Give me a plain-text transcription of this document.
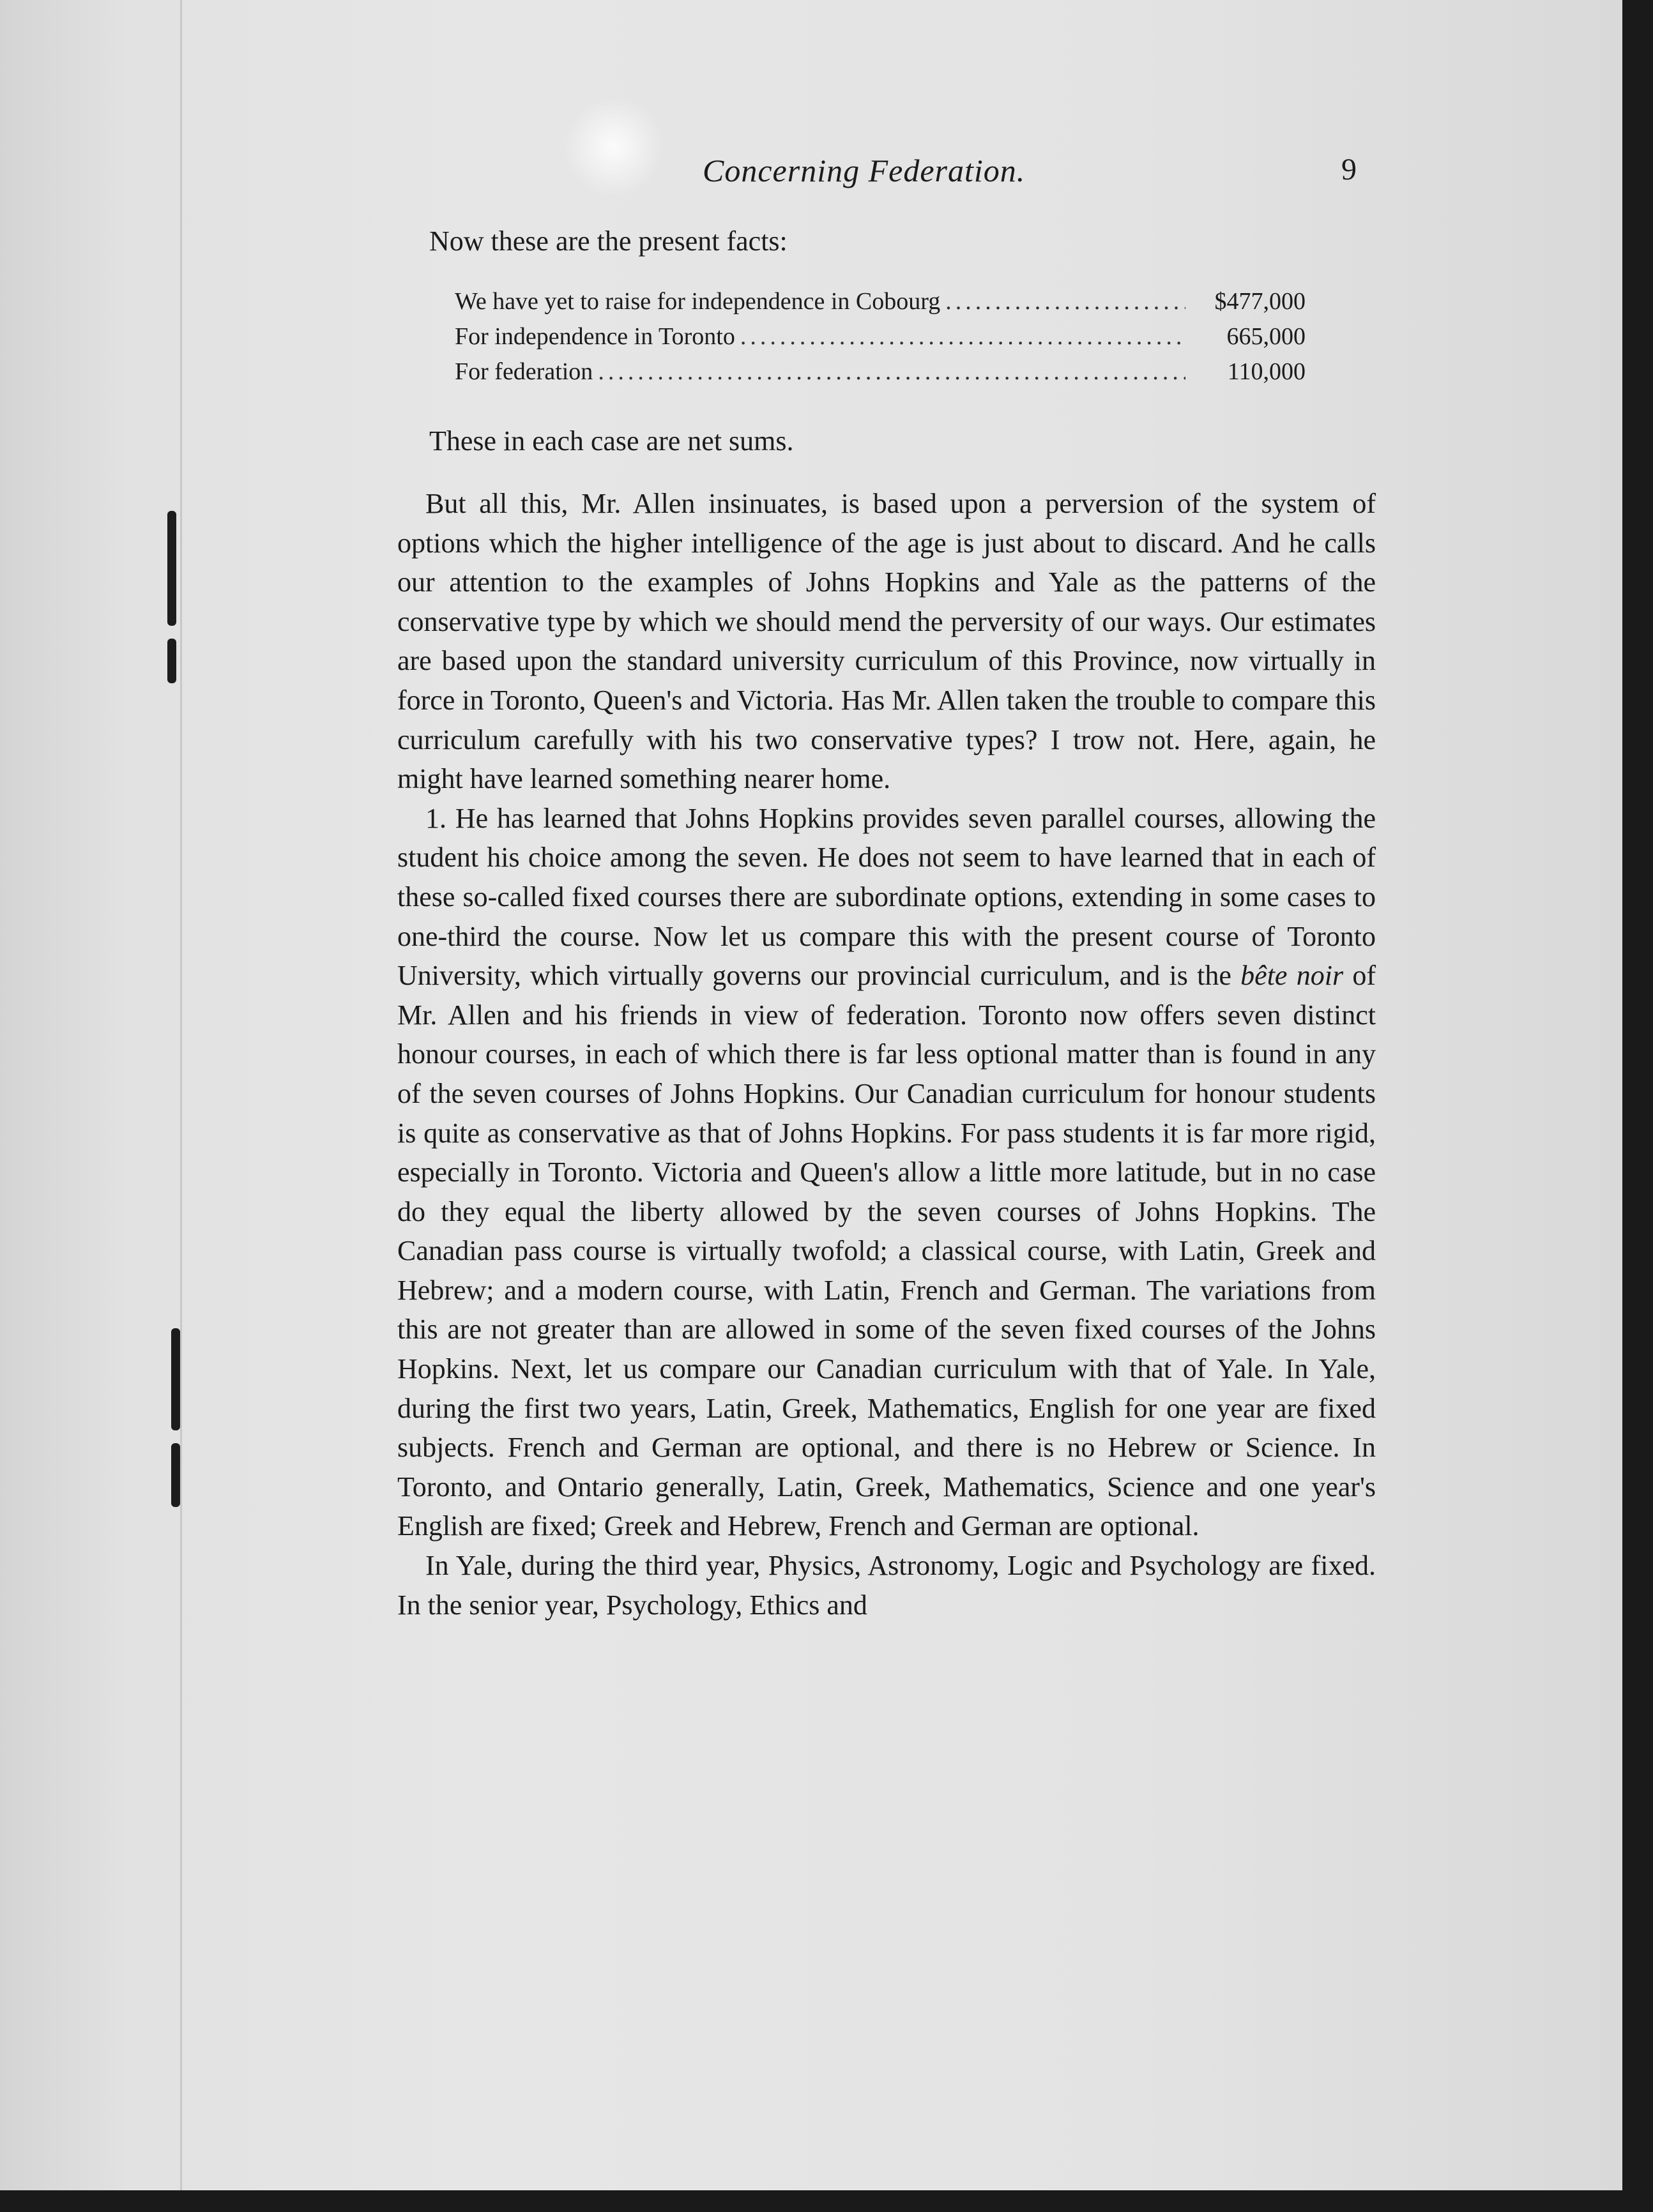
Concerning Federation.	9
Now these are the present facts:
We have yet to raise for independence in Cobourg .....	$477,000
For independence in Toronto .....	665,000
For federation .....	110,000
These in each case are net sums.

But all this, Mr. Allen insinuates, is based upon a perversion of the system of options which the higher intelligence of the age is just about to discard. And he calls our attention to the examples of Johns Hopkins and Yale as the patterns of the conservative type by which we should mend the perversity of our ways. Our estimates are based upon the standard university curriculum of this Province, now virtually in force in Toronto, Queen's and Victoria. Has Mr. Allen taken the trouble to compare this curriculum carefully with his two conservative types? I trow not. Here, again, he might have learned something nearer home.

1. He has learned that Johns Hopkins provides seven parallel courses, allowing the student his choice among the seven. He does not seem to have learned that in each of these so-called fixed courses there are subordinate options, extending in some cases to one-third the course. Now let us compare this with the present course of Toronto University, which virtually governs our provincial curriculum, and is the bête noir of Mr. Allen and his friends in view of federation. Toronto now offers seven distinct honour courses, in each of which there is far less optional matter than is found in any of the seven courses of Johns Hopkins. Our Canadian curriculum for honour students is quite as conservative as that of Johns Hopkins. For pass students it is far more rigid, especially in Toronto. Victoria and Queen's allow a little more latitude, but in no case do they equal the liberty allowed by the seven courses of Johns Hopkins. The Canadian pass course is virtually twofold; a classical course, with Latin, Greek and Hebrew; and a modern course, with Latin, French and German. The variations from this are not greater than are allowed in some of the seven fixed courses of the Johns Hopkins. Next, let us compare our Canadian curriculum with that of Yale. In Yale, during the first two years, Latin, Greek, Mathematics, English for one year are fixed subjects. French and German are optional, and there is no Hebrew or Science. In Toronto, and Ontario generally, Latin, Greek, Mathematics, Science and one year's English are fixed; Greek and Hebrew, French and German are optional.

In Yale, during the third year, Physics, Astronomy, Logic and Psychology are fixed. In the senior year, Psychology, Ethics and
